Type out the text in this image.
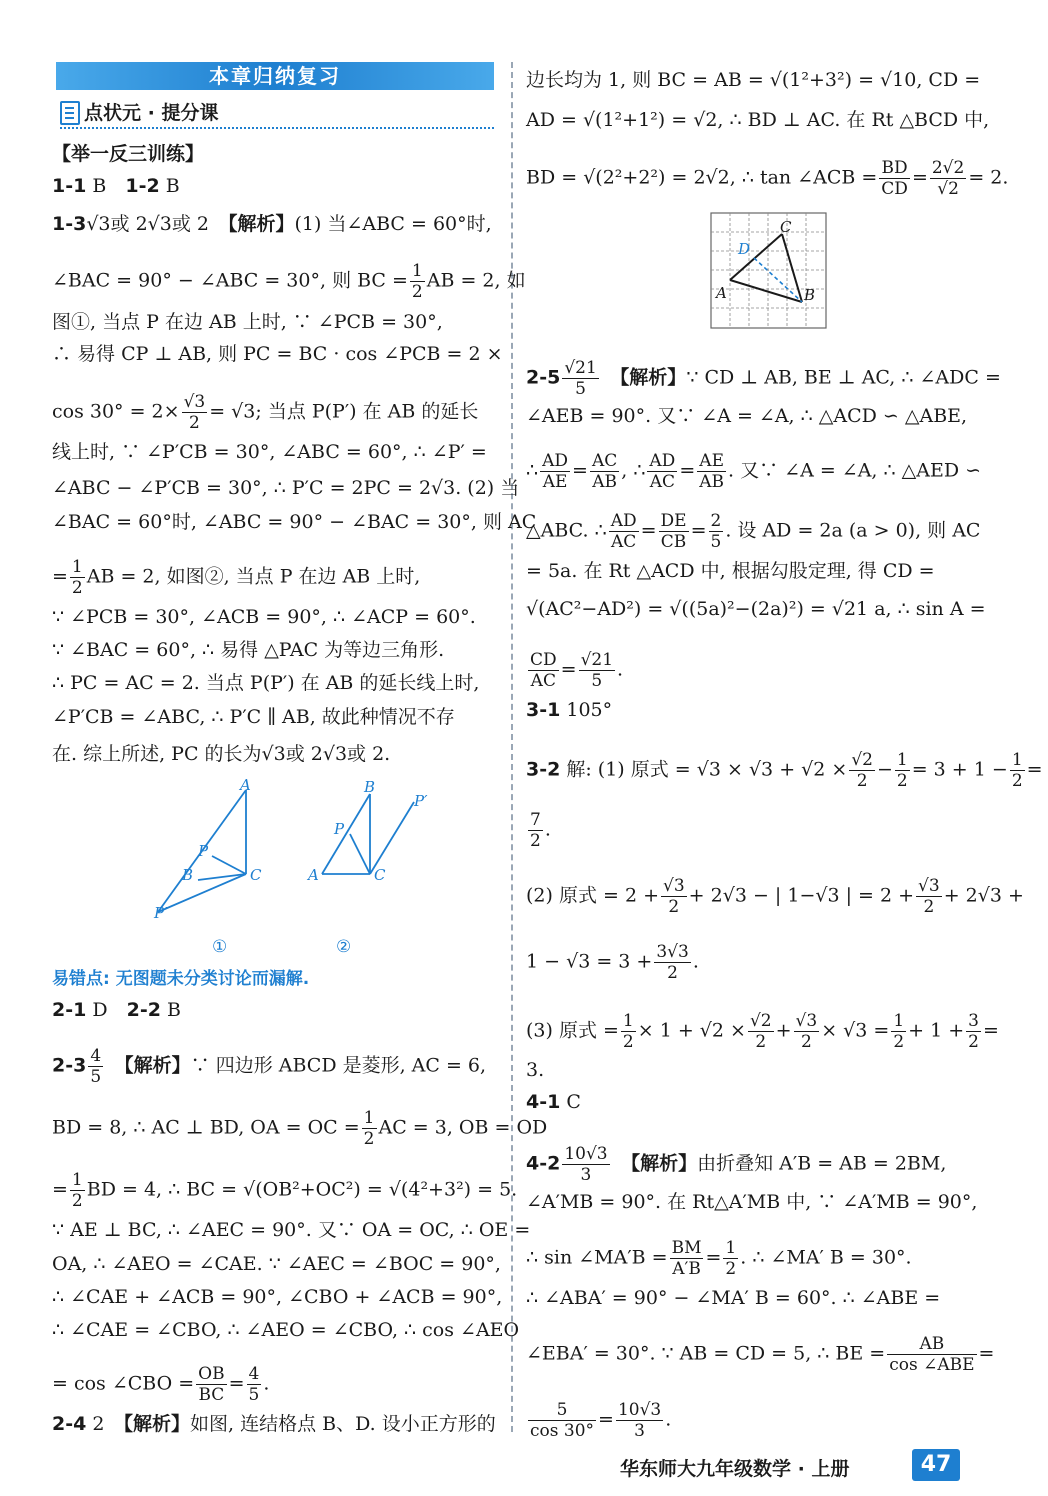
本章归纳复习
点状元 · 提分课
【举一反三训练】
1-1 B　1-2 B
1-3√3或 2√3或 2　【解析】(1) 当∠ABC = 60°时,
∠BAC = 90° − ∠ABC = 30°, 则 BC = $\frac{1}{2}$ AB = 2, 如
图①, 当点 P 在边 AB 上时, ∵ ∠PCB = 30°,
∴ 易得 CP ⊥ AB, 则 PC = BC · cos ∠PCB = 2 ×
$\cos 30^\circ = 2\times \frac{√3}{2} = √3$; 当点 P(P′) 在 AB 的延长
线上时, ∵ ∠P′CB = 30°, ∠ABC = 60°, ∴ ∠P′ =
∠ABC − ∠P′CB = 30°, ∴ P′C = 2PC = 2√3. (2) 当
∠BAC = 60°时, ∠ABC = 90° − ∠BAC = 30°, 则 AC
= $\frac{1}{2}$ AB = 2, 如图②, 当点 P 在边 AB 上时,
∵ ∠PCB = 30°, ∠ACB = 90°, ∴ ∠ACP = 60°.
∵ ∠BAC = 60°, ∴ 易得 △PAC 为等边三角形.
∴ PC = AC = 2. 当点 P(P′) 在 AB 的延长线上时,
∠P′CB = ∠ABC, ∴ P′C ∥ AB, 故此种情况不存
在. 综上所述, PC 的长为√3或 2√3或 2.
易错点: 无图题未分类讨论而漏解.
2-1 D　2-2 B
$2-3 \frac{4}{5}$ 　【解析】∵ 四边形 ABCD 是菱形, AC = 6,
BD = 8, ∴ AC ⊥ BD, OA = OC = $\frac{1}{2}$ AC = 3, OB = OD
= $\frac{1}{2}$ BD = 4, ∴ BC = √(OB²+OC²) = √(4²+3²) = 5.
∵ AE ⊥ BC, ∴ ∠AEC = 90°. 又∵ OA = OC, ∴ OE =
OA, ∴ ∠AEO = ∠CAE. ∵ ∠AEC = ∠BOC = 90°,
∴ ∠CAE + ∠ACB = 90°, ∠CBO + ∠ACB = 90°,
∴ ∠CAE = ∠CBO, ∴ ∠AEO = ∠CBO, ∴ cos ∠AEO
= cos ∠CBO = $\frac{OB}{BC} = \frac{4}{5}$ .
2-4 2　【解析】如图, 连结格点 B、D. 设小正方形的
A
P
B	C
P′
B
P′
P
A	C
①	②
边长均为 1, 则 BC = AB = √(1²+3²) = √10, CD =
AD = √(1²+1²) = √2, ∴ BD ⊥ AC. 在 Rt △BCD 中,
BD = √(2²+2²) = 2√2, ∴ tan ∠ACB = $\frac{BD}{CD} = \frac{2√2}{√2} = 2$.
$2-5 \frac{√21}{5}$ 　【解析】∵ CD ⊥ AB, BE ⊥ AC, ∴ ∠ADC =
∠AEB = 90°. 又∵ ∠A = ∠A, ∴ △ACD ∽ △ABE,
∴ $\frac{AD}{AE} = \frac{AC}{AB}$ , ∴ $\frac{AD}{AC} = \frac{AE}{AB}$ . 又∵ ∠A = ∠A, ∴ △AED ∽
△ABC. ∴ $\frac{AD}{AC} = \frac{DE}{CB} = \frac{2}{5}$ . 设 AD = 2a (a > 0), 则 AC
= 5a. 在 Rt △ACD 中, 根据勾股定理, 得 CD =
√(AC²−AD²) = √((5a)²−(2a)²) = √21 a, ∴ sin A =
$\frac{CD}{AC} = \frac{√21}{5}$ .
3-1 105°
3-2 解: (1) 原式 = $√3 \times √3 + √2 \times \frac{√2}{2} - \frac{1}{2} = 3 + 1 - \frac{1}{2}$ =
$\frac{7}{2}$ .
(2) 原式 = $2 + \frac{√3}{2} + 2√3$ − | 1−√3 | = $2 + \frac{√3}{2} + 2√3$ +
$1 - √3 = 3 + \frac{3√3}{2}$ .
(3) 原式 = $\frac{1}{2} \times 1 + √2 \times \frac{√2}{2} + \frac{√3}{2} \times √3 = \frac{1}{2} + 1 + \frac{3}{2}$ =
3.
4-1 C
$4-2 \frac{10√3}{3}$ 　【解析】由折叠知 A′B = AB = 2BM,
∠A′MB = 90°. 在 Rt△A′MB 中, ∵ ∠A′MB = 90°,
∴ sin ∠MA′B = $\frac{BM}{A'B} = \frac{1}{2}$ . ∴ ∠MA′ B = 30°.
∴ ∠ABA′ = 90° − ∠MA′ B = 60°. ∴ ∠ABE =
∠EBA′ = 30°. ∵ AB = CD = 5, ∴ BE = $\frac{AB}{\text{cos ∠ABE}}$ =
$\frac{5}{\cos 30^\circ} = \frac{10√3}{3}$ .
C
D
A	B
华东师大九年级数学 · 上册	47
